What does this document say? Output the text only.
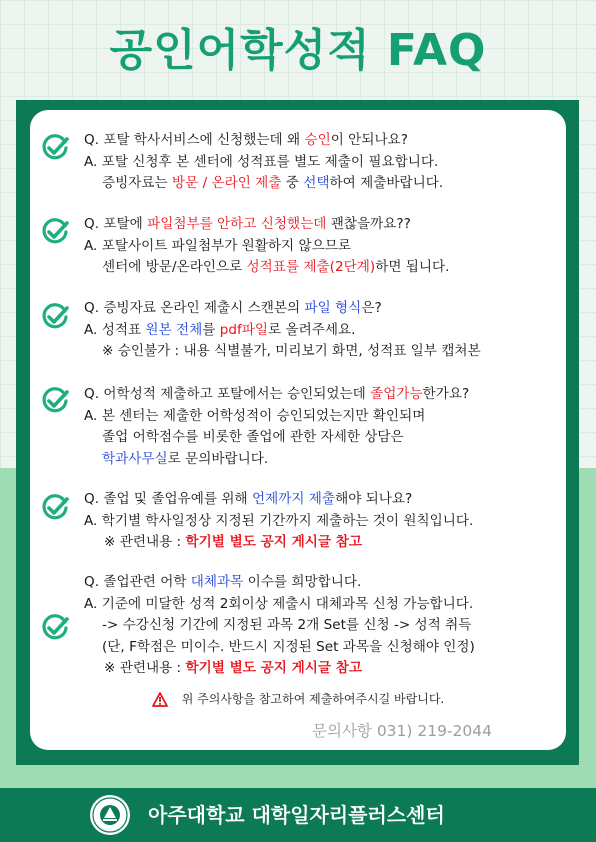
공인어학성적 FAQ
Q. 포탈 학사서비스에 신청했는데 왜 승인이 안되나요?
A. 포탈 신청후 본 센터에 성적표를 별도 제출이 필요합니다.
증빙자료는 방문 / 온라인 제출 중 선택하여 제출바랍니다.
Q. 포탈에 파일첨부를 안하고 신청했는데 괜찮을까요??
A. 포탈사이트 파일첨부가 원활하지 않으므로
센터에 방문/온라인으로 성적표를 제출(2단계)하면 됩니다.
Q. 증빙자료 온라인 제출시 스캔본의 파일 형식은?
A. 성적표 원본 전체를 pdf파일로 올려주세요.
※ 승인불가 : 내용 식별불가, 미리보기 화면, 성적표 일부 캡쳐본
Q. 어학성적 제출하고 포탈에서는 승인되었는데 졸업가능한가요?
A. 본 센터는 제출한 어학성적이 승인되었는지만 확인되며
졸업 어학점수를 비롯한 졸업에 관한 자세한 상담은
학과사무실로 문의바랍니다.
Q. 졸업 및 졸업유예를 위해 언제까지 제출해야 되나요?
A. 학기별 학사일정상 지정된 기간까지 제출하는 것이 원칙입니다.
※ 관련내용 : 학기별 별도 공지 게시글 참고
Q. 졸업관련 어학 대체과목 이수를 희망합니다.
A. 기준에 미달한 성적 2회이상 제출시 대체과목 신청 가능합니다.
-> 수강신청 기간에 지정된 과목 2개 Set를 신청 -> 성적 취득
(단, F학점은 미이수. 반드시 지정된 Set 과목을 신청해야 인정)
※ 관련내용 : 학기별 별도 공지 게시글 참고
위 주의사항을 참고하여 제출하여주시길 바랍니다.
문의사항 031) 219-2044
아주대학교 대학일자리플러스센터
